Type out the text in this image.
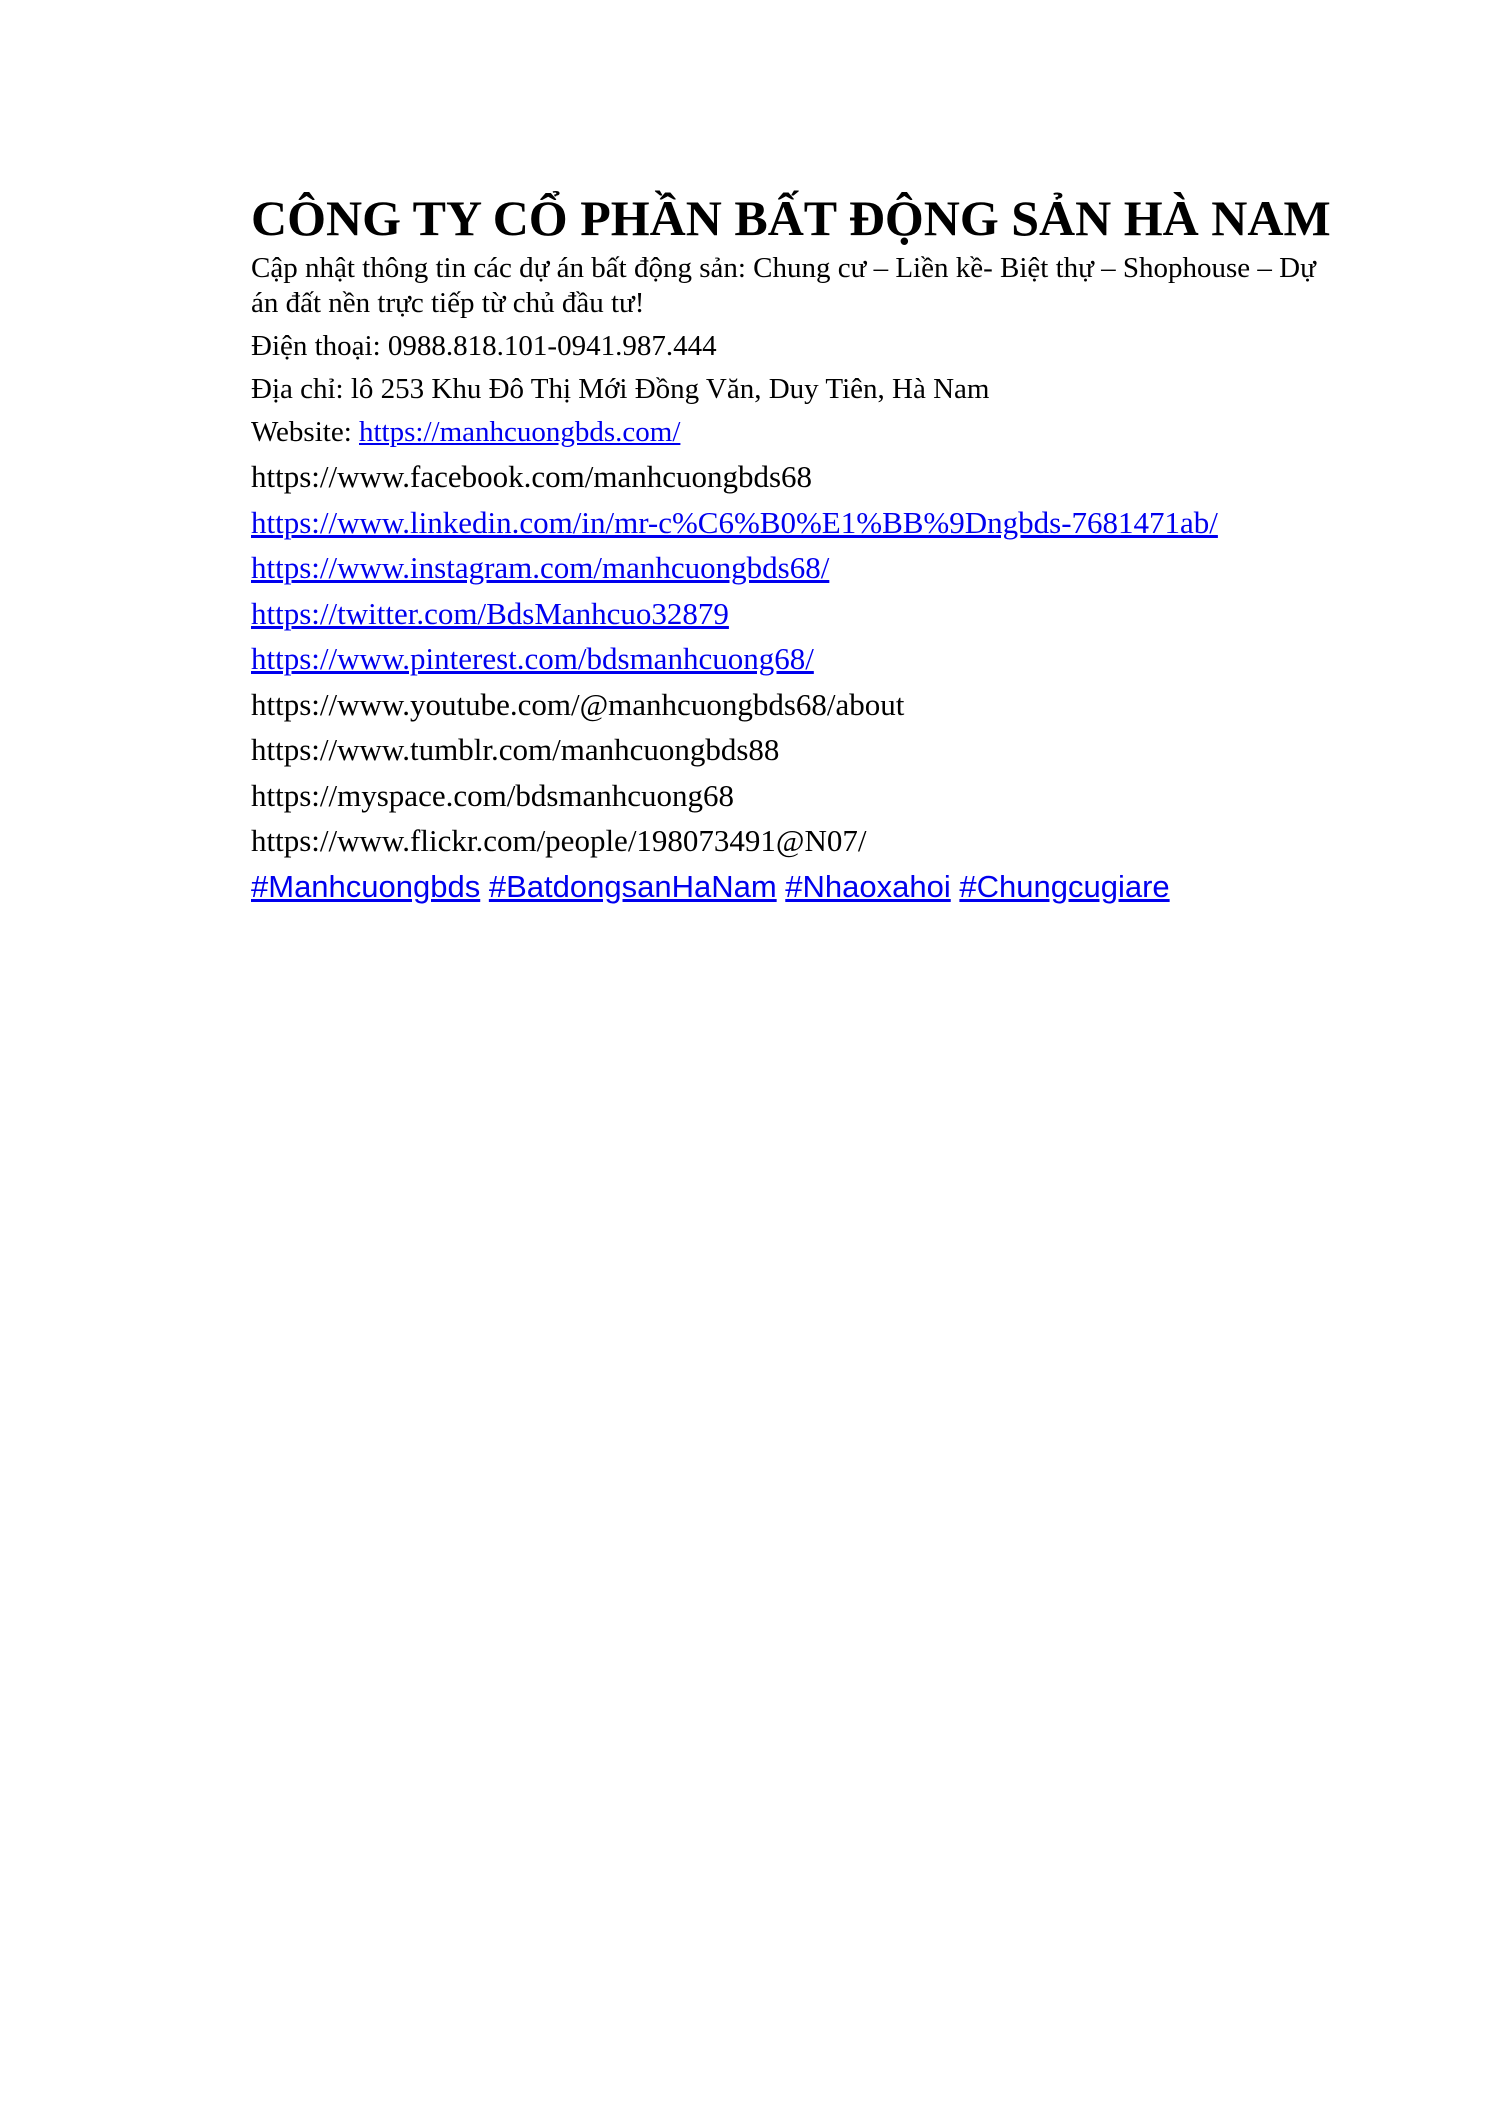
CÔNG TY CỔ PHẦN BẤT ĐỘNG SẢN HÀ NAM
Cập nhật thông tin các dự án bất động sản: Chung cư – Liền kề- Biệt thự – Shophouse – Dự án đất nền trực tiếp từ chủ đầu tư!
Điện thoại: 0988.818.101-0941.987.444
Địa chỉ: lô 253 Khu Đô Thị Mới Đồng Văn, Duy Tiên, Hà Nam
Website: https://manhcuongbds.com/
https://www.facebook.com/manhcuongbds68
https://www.linkedin.com/in/mr-c%C6%B0%E1%BB%9Dngbds-7681471ab/
https://www.instagram.com/manhcuongbds68/
https://twitter.com/BdsManhcuo32879
https://www.pinterest.com/bdsmanhcuong68/
https://www.youtube.com/@manhcuongbds68/about
https://www.tumblr.com/manhcuongbds88
https://myspace.com/bdsmanhcuong68
https://www.flickr.com/people/198073491@N07/
#Manhcuongbds #BatdongsanHaNam #Nhaoxahoi #Chungcugiare
